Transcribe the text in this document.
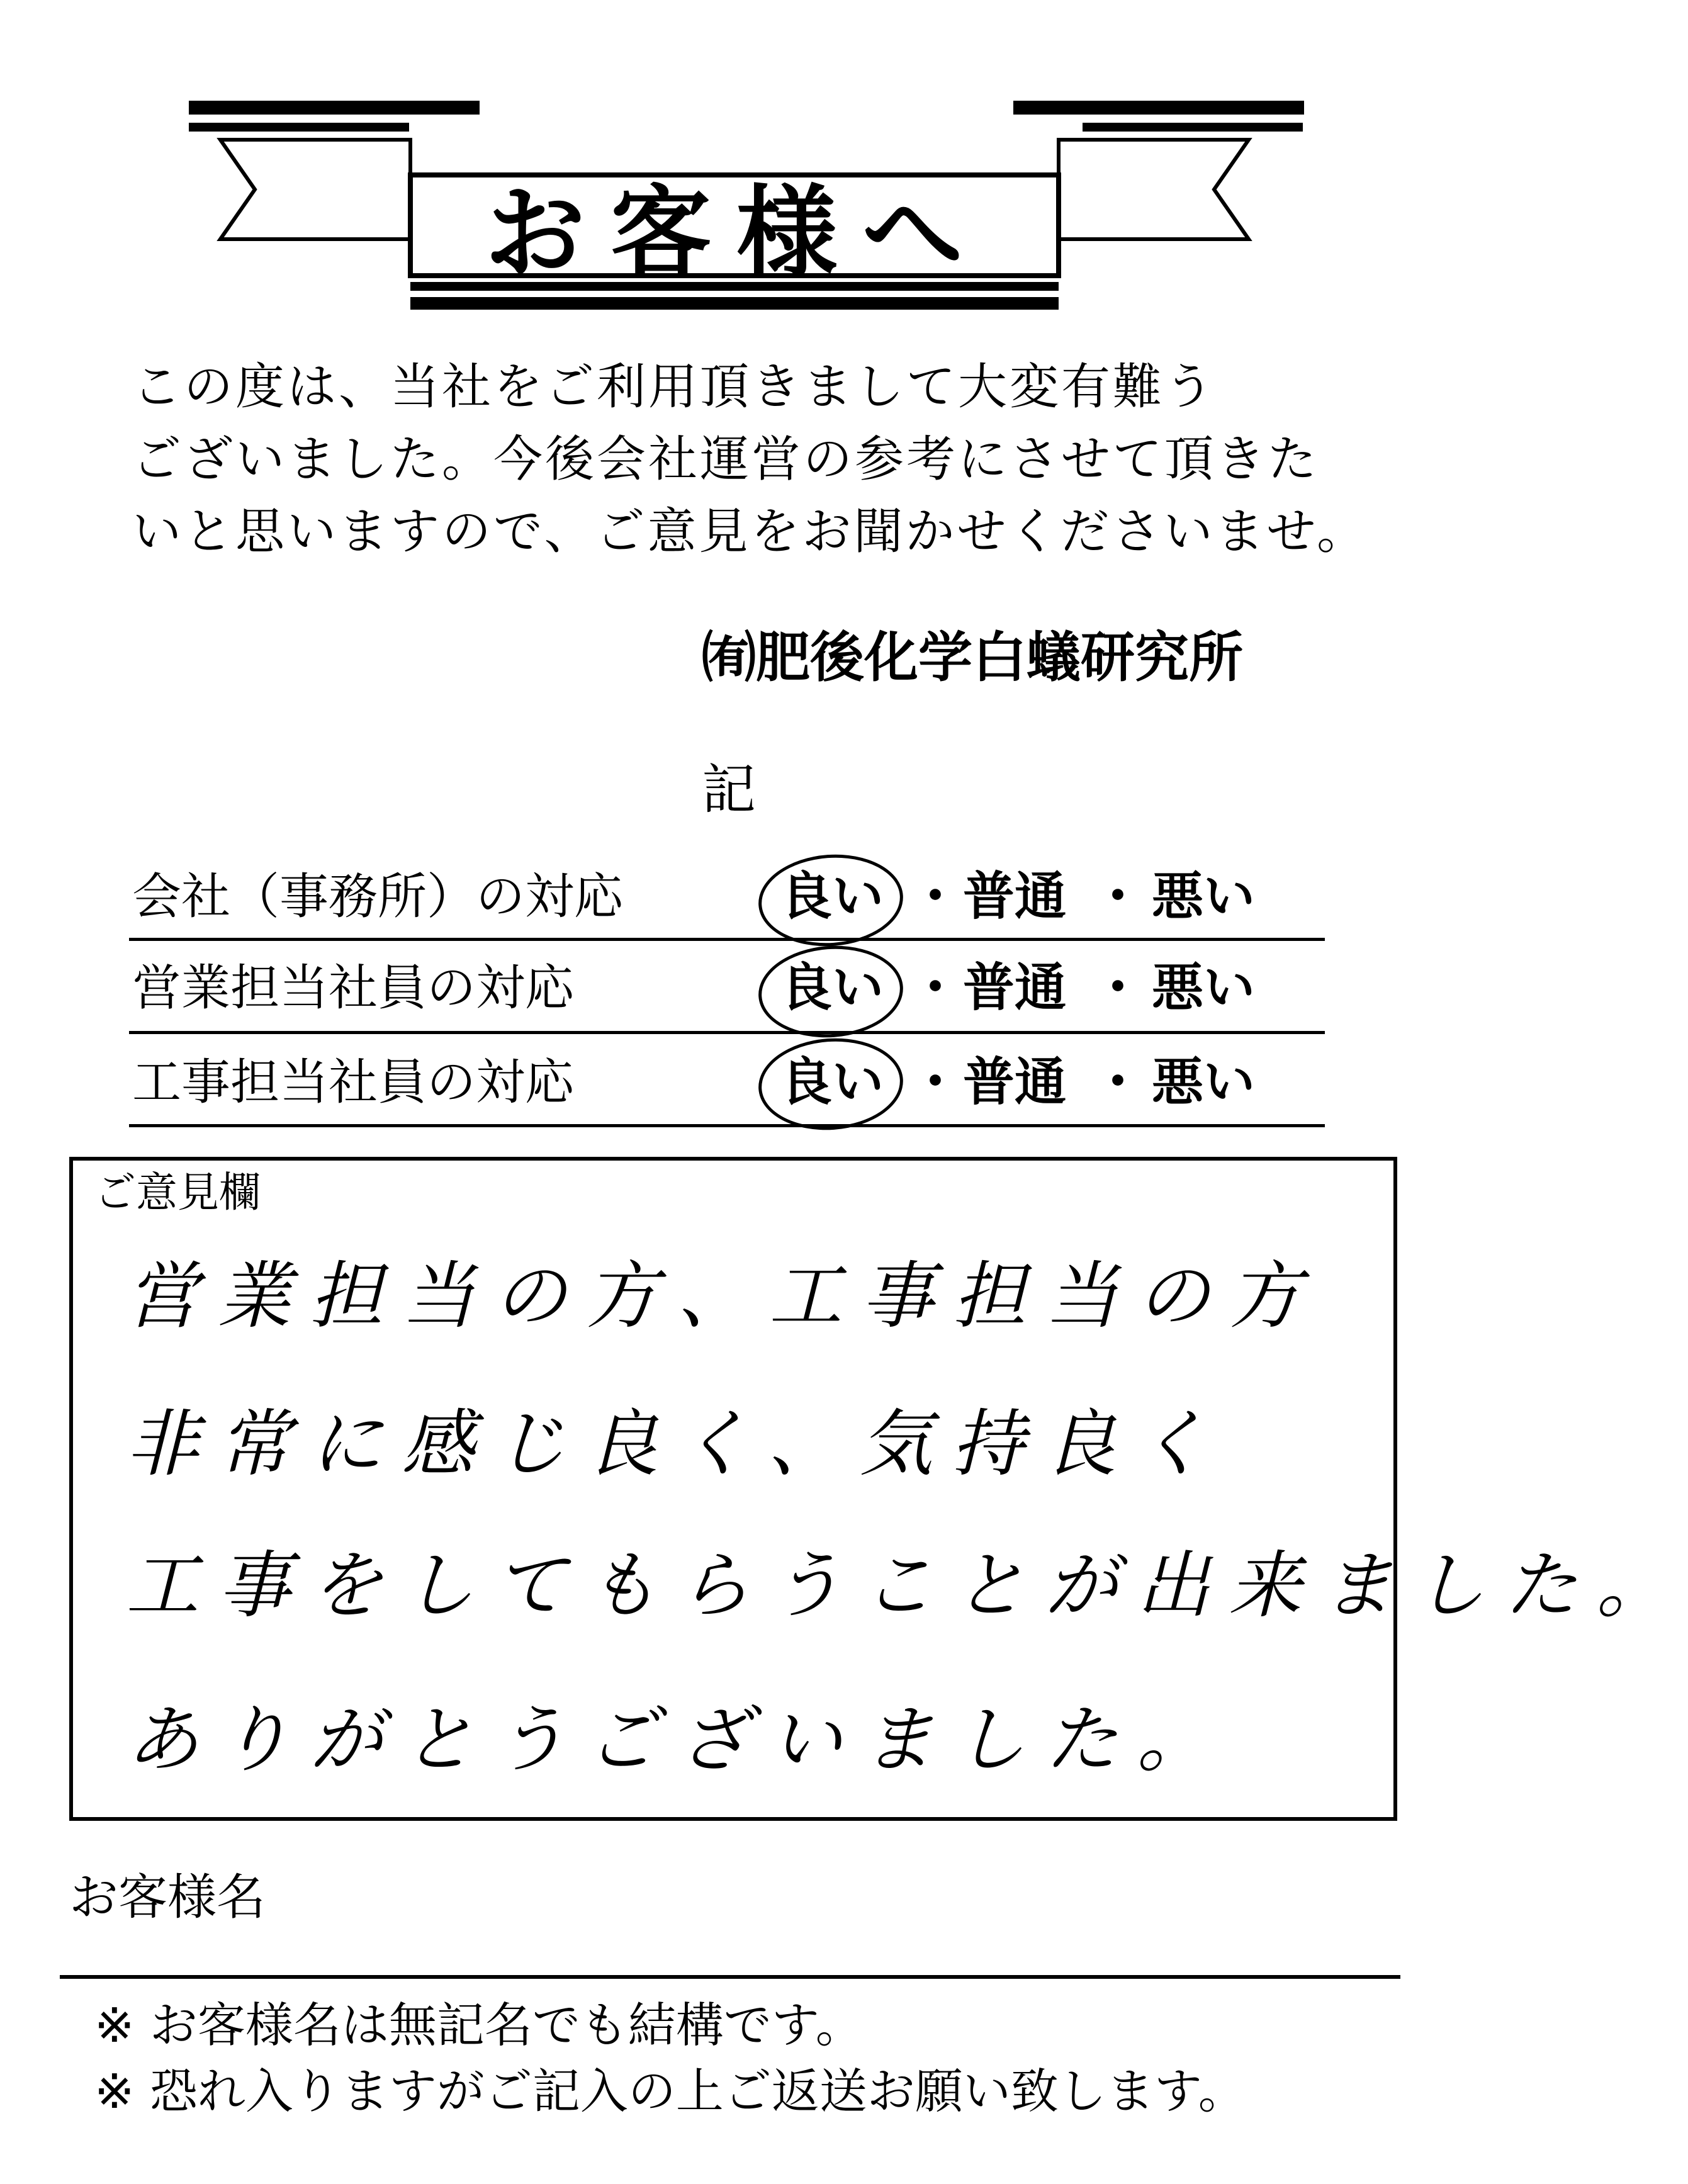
お客様へ
この度は、当社をご利用頂きまして大変有難う
ございました。今後会社運営の参考にさせて頂きた
いと思いますので、ご意見をお聞かせくださいませ。
㈲肥後化学白蟻研究所
記
会社（事務所）の対応	良い ・ 普通 ・ 悪い
営業担当社員の対応	良い ・ 普通 ・ 悪い
工事担当社員の対応	良い ・ 普通 ・ 悪い
ご意見欄
営業担当の方、工事担当の方
非常に感じ良く、気持良く
工事をしてもらうことが出来ました。
ありがとうございました。
お客様名
※ お客様名は無記名でも結構です。
※ 恐れ入りますがご記入の上ご返送お願い致します。
